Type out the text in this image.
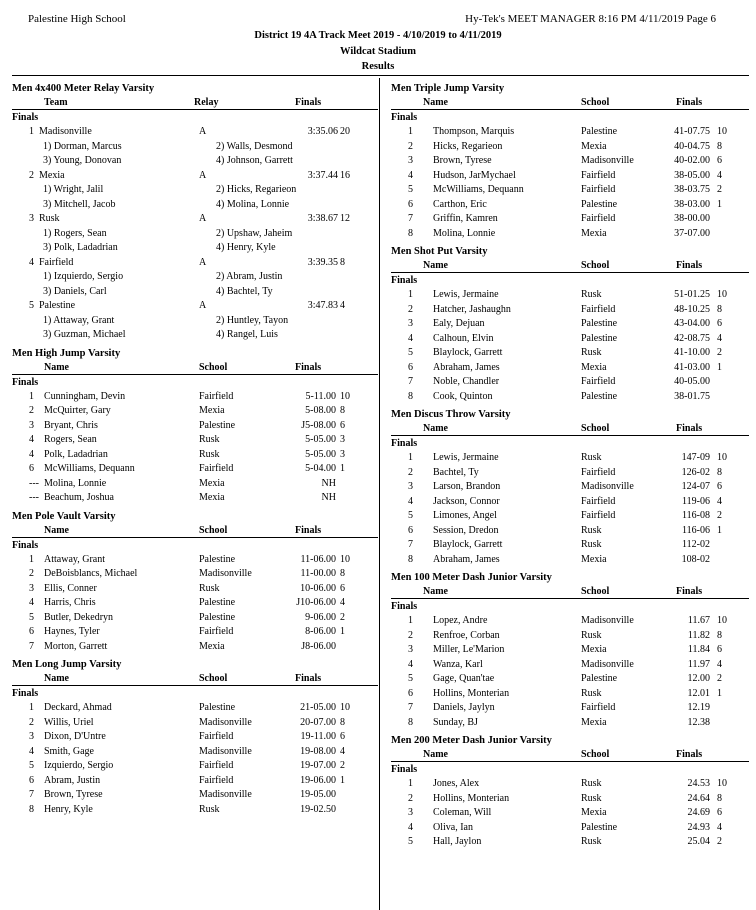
Palestine High School	Hy-Tek's MEET MANAGER 8:16 PM 4/11/2019 Page 6
District 19 4A Track Meet 2019 - 4/10/2019 to 4/11/2019
Wildcat Stadium
Results
Men 4x400 Meter Relay Varsity
Team	Relay	Finals
Finals
1 Madisonville	A	3:35.06 20
1) Dorman, Marcus	2) Walls, Desmond
3) Young, Donovan	4) Johnson, Garrett
2 Mexia	A	3:37.44 16
1) Wright, Jalil	2) Hicks, Regarieon
3) Mitchell, Jacob	4) Molina, Lonnie
3 Rusk	A	3:38.67 12
1) Rogers, Sean	2) Upshaw, Jaheim
3) Polk, Ladadrian	4) Henry, Kyle
4 Fairfield	A	3:39.35 8
1) Izquierdo, Sergio	2) Abram, Justin
3) Daniels, Carl	4) Bachtel, Ty
5 Palestine	A	3:47.83 4
1) Attaway, Grant	2) Huntley, Tayon
3) Guzman, Michael	4) Rangel, Luis
Men High Jump Varsity
Name	School	Finals
Finals
1	Cunningham, Devin	Fairfield	5-11.00 10
2	McQuirter, Gary	Mexia	5-08.00 8
3	Bryant, Chris	Palestine	J5-08.00 6
4	Rogers, Sean	Rusk	5-05.00 3
4	Polk, Ladadrian	Rusk	5-05.00 3
6	McWilliams, Dequann	Fairfield	5-04.00 1
--- Molina, Lonnie	Mexia	NH
--- Beachum, Joshua	Mexia	NH
Men Pole Vault Varsity
Name	School	Finals
Finals
1	Attaway, Grant	Palestine	11-06.00 10
2	DeBoisblancs, Michael	Madisonville	11-00.00 8
3	Ellis, Conner	Rusk	10-06.00 6
4	Harris, Chris	Palestine	J10-06.00 4
5	Butler, Dekedryn	Palestine	9-06.00 2
6	Haynes, Tyler	Fairfield	8-06.00 1
7	Morton, Garrett	Mexia	J8-06.00
Men Long Jump Varsity
Name	School	Finals
Finals
1	Deckard, Ahmad	Palestine	21-05.00 10
2	Willis, Uriel	Madisonville	20-07.00 8
3	Dixon, D'Untre	Fairfield	19-11.00 6
4	Smith, Gage	Madisonville	19-08.00 4
5	Izquierdo, Sergio	Fairfield	19-07.00 2
6	Abram, Justin	Fairfield	19-06.00 1
7	Brown, Tyrese	Madisonville	19-05.00
8	Henry, Kyle	Rusk	19-02.50
Men Triple Jump Varsity
Name	School	Finals
Finals
1	Thompson, Marquis	Palestine	41-07.75 10
2	Hicks, Regarieon	Mexia	40-04.75 8
3	Brown, Tyrese	Madisonville	40-02.00 6
4	Hudson, JarMychael	Fairfield	38-05.00 4
5	McWilliams, Dequann	Fairfield	38-03.75 2
6	Carthon, Eric	Palestine	38-03.00 1
7	Griffin, Kamren	Fairfield	38-00.00
8	Molina, Lonnie	Mexia	37-07.00
Men Shot Put Varsity
Name	School	Finals
Finals
1	Lewis, Jermaine	Rusk	51-01.25 10
2	Hatcher, Jashaughn	Fairfield	48-10.25 8
3	Ealy, Dejuan	Palestine	43-04.00 6
4	Calhoun, Elvin	Palestine	42-08.75 4
5	Blaylock, Garrett	Rusk	41-10.00 2
6	Abraham, James	Mexia	41-03.00 1
7	Noble, Chandler	Fairfield	40-05.00
8	Cook, Quinton	Palestine	38-01.75
Men Discus Throw Varsity
Name	School	Finals
Finals
1	Lewis, Jermaine	Rusk	147-09 10
2	Bachtel, Ty	Fairfield	126-02 8
3	Larson, Brandon	Madisonville	124-07 6
4	Jackson, Connor	Fairfield	119-06 4
5	Limones, Angel	Fairfield	116-08 2
6	Session, Dredon	Rusk	116-06 1
7	Blaylock, Garrett	Rusk	112-02
8	Abraham, James	Mexia	108-02
Men 100 Meter Dash Junior Varsity
Name	School	Finals
Finals
1	Lopez, Andre	Madisonville	11.67 10
2	Renfroe, Corban	Rusk	11.82 8
3	Miller, Le'Marion	Mexia	11.84 6
4	Wanza, Karl	Madisonville	11.97 4
5	Gage, Quan'tae	Palestine	12.00 2
6	Hollins, Monterian	Rusk	12.01 1
7	Daniels, Jaylyn	Fairfield	12.19
8	Sunday, BJ	Mexia	12.38
Men 200 Meter Dash Junior Varsity
Name	School	Finals
Finals
1	Jones, Alex	Rusk	24.53 10
2	Hollins, Monterian	Rusk	24.64 8
3	Coleman, Will	Mexia	24.69 6
4	Oliva, Ian	Palestine	24.93 4
5	Hall, Jaylon	Rusk	25.04 2
